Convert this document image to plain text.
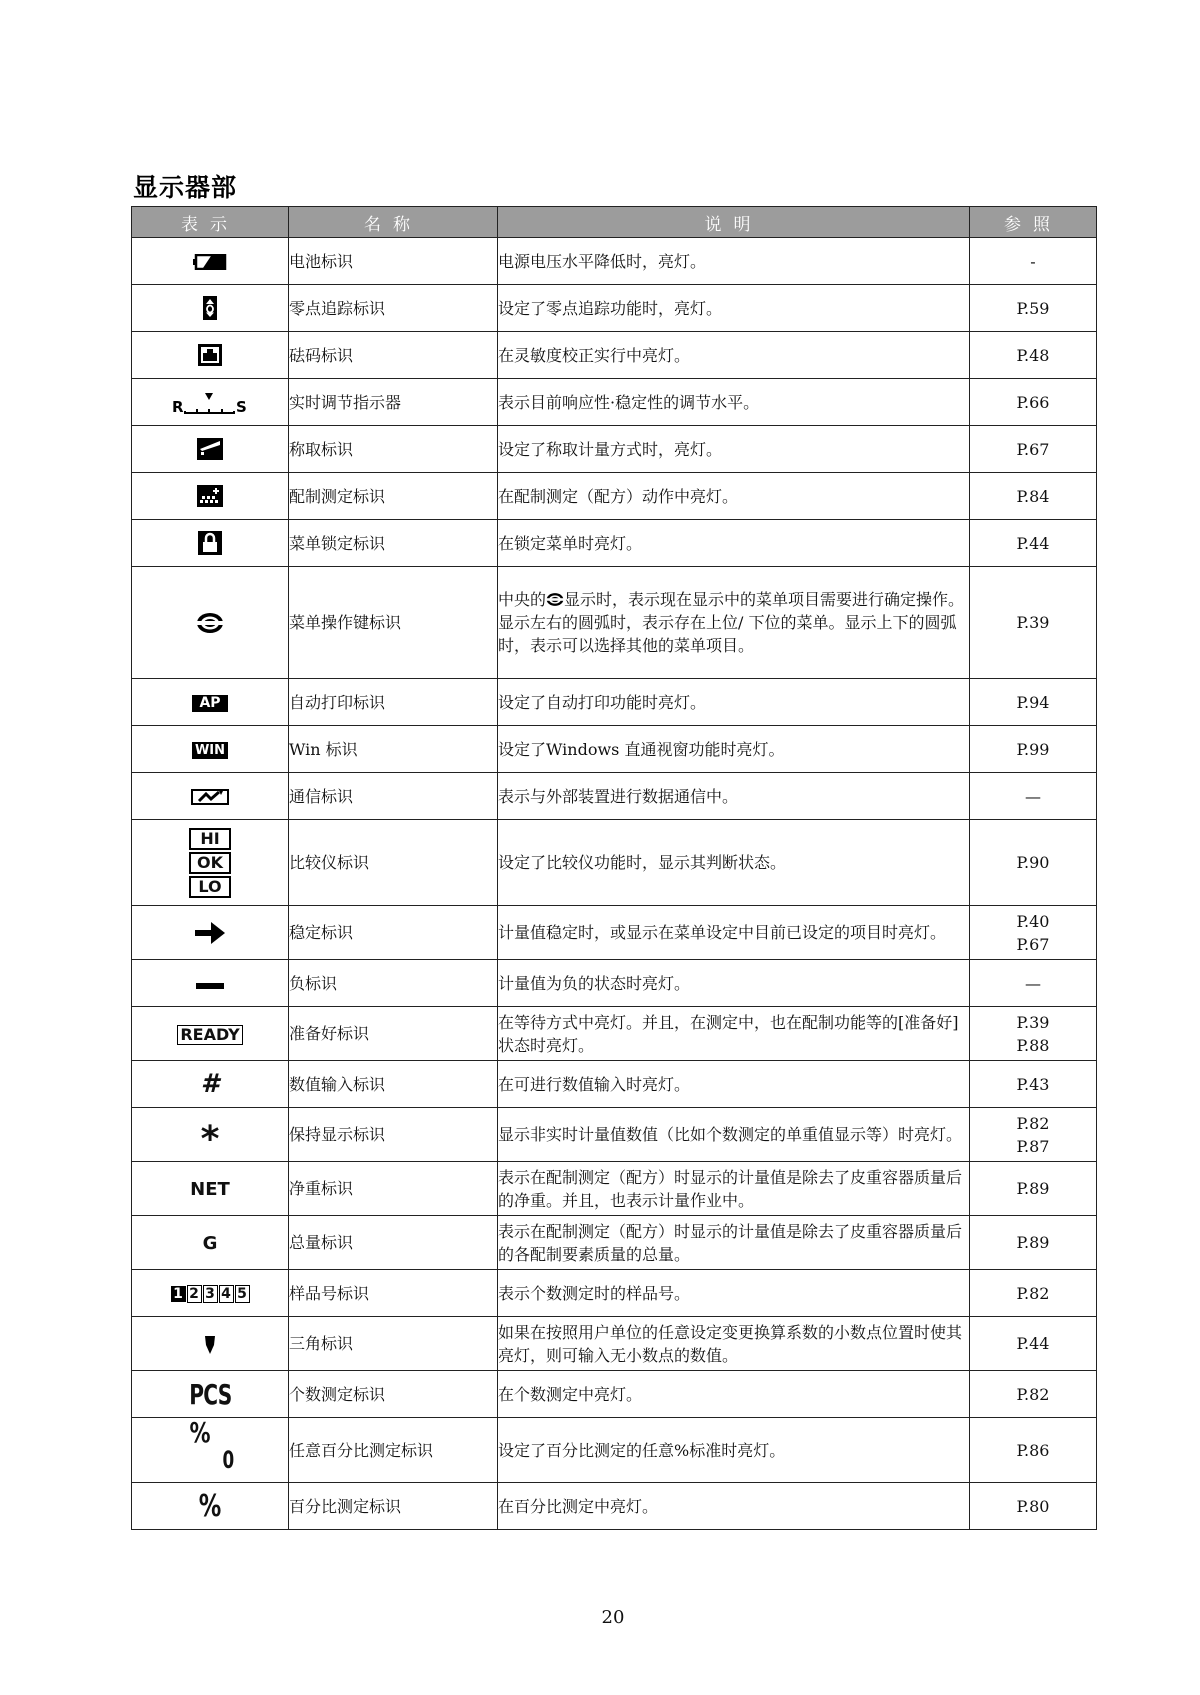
显示器部
表示	名称	说明	参照
	电池标识	电源电压水平降低时，亮灯。	-

	零点追踪标识	设定了零点追踪功能时，亮灯。	P.59

	砝码标识	在灵敏度校正实行中亮灯。	P.48

R S	实时调节指示器	表示目前响应性·稳定性的调节水平。	P.66

	称取标识	设定了称取计量方式时，亮灯。	P.67

	配制测定标识	在配制测定（配方）动作中亮灯。	P.84

	菜单锁定标识	在锁定菜单时亮灯。	P.44

	菜单操作键标识	中央的 显示时，表示现在显示中的菜单项目需要进行确定操作。显示左右的圆弧时，表示存在上位/ 下位的菜单。显示上下的圆弧时，表示可以选择其他的菜单项目。	P.39

AP	自动打印标识	设定了自动打印功能时亮灯。	P.94

WIN	Win 标识	设定了Windows 直通视窗功能时亮灯。	P.99

	通信标识	表示与外部装置进行数据通信中。	—

HI
OK
LO	比较仪标识	设定了比较仪功能时，显示其判断状态。	P.90

	稳定标识	计量值稳定时，或显示在菜单设定中目前已设定的项目时亮灯。	P.40
P.67

	负标识	计量值为负的状态时亮灯。	—

READY	准备好标识	在等待方式中亮灯。并且，在测定中，也在配制功能等的[准备好]状态时亮灯。	P.39
P.88

#	数值输入标识	在可进行数值输入时亮灯。	P.43

*	保持显示标识	显示非实时计量值数值（比如个数测定的单重值显示等）时亮灯。	P.82
P.87

NET	净重标识	表示在配制测定（配方）时显示的计量值是除去了皮重容器质量后的净重。并且，也表示计量作业中。	P.89

G	总量标识	表示在配制测定（配方）时显示的计量值是除去了皮重容器质量后的各配制要素质量的总量。	P.89

1 2 3 4 5	样品号标识	表示个数测定时的样品号。	P.82

	三角标识	如果在按照用户单位的任意设定变更换算系数的小数点位置时使其亮灯，则可输入无小数点的数值。	P.44

PCS	个数测定标识	在个数测定中亮灯。	P.82

%
0	任意百分比测定标识	设定了百分比测定的任意%标准时亮灯。	P.86

%	百分比测定标识	在百分比测定中亮灯。	P.80
20
